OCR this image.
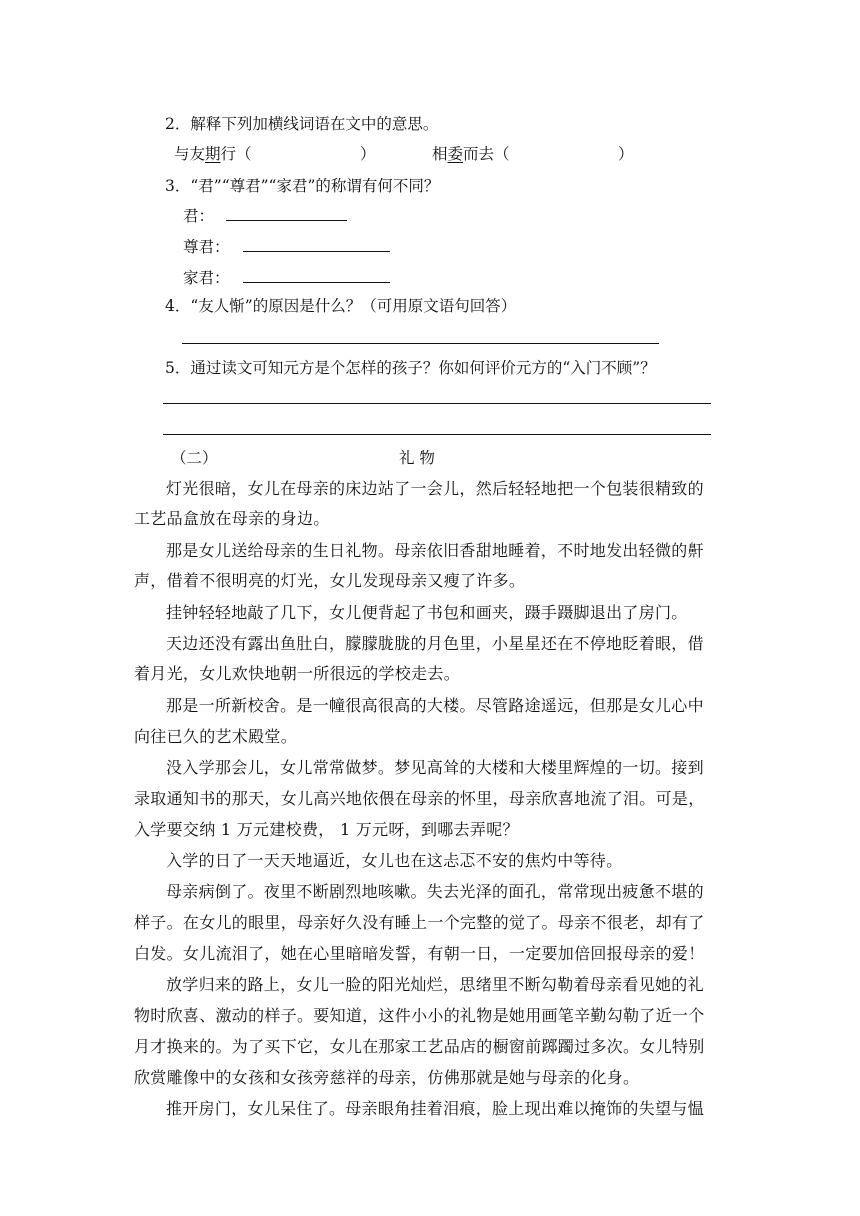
2．解释下列加横线词语在文中的意思。
与友期行（　　　　　　　）	相委而去（　　　　　　　）
3．“君”“尊君”“家君”的称谓有何不同？
君：
尊君：
家君：
4．“友人惭”的原因是什么？（可用原文语句回答）
5．通过读文可知元方是个怎样的孩子？你如何评价元方的“入门不顾”？
（二）	礼 物
灯光很暗，女儿在母亲的床边站了一会儿，然后轻轻地把一个包装很精致的
工艺品盒放在母亲的身边。
那是女儿送给母亲的生日礼物。母亲依旧香甜地睡着，不时地发出轻微的鼾
声，借着不很明亮的灯光，女儿发现母亲又瘦了许多。
挂钟轻轻地敲了几下，女儿便背起了书包和画夹，蹑手蹑脚退出了房门。
天边还没有露出鱼肚白，朦朦胧胧的月色里，小星星还在不停地眨着眼，借
着月光，女儿欢快地朝一所很远的学校走去。
那是一所新校舍。是一幢很高很高的大楼。尽管路途遥远，但那是女儿心中
向往已久的艺术殿堂。
没入学那会儿，女儿常常做梦。梦见高耸的大楼和大楼里辉煌的一切。接到
录取通知书的那天，女儿高兴地依偎在母亲的怀里，母亲欣喜地流了泪。可是，
入学要交纳 1 万元建校费， 1 万元呀，到哪去弄呢？
入学的日了一天天地逼近，女儿也在这忐忑不安的焦灼中等待。
母亲病倒了。夜里不断剧烈地咳嗽。失去光泽的面孔，常常现出疲惫不堪的
样子。在女儿的眼里，母亲好久没有睡上一个完整的觉了。母亲不很老，却有了
白发。女儿流泪了，她在心里暗暗发誓，有朝一日，一定要加倍回报母亲的爱！
放学归来的路上，女儿一脸的阳光灿烂，思绪里不断勾勒着母亲看见她的礼
物时欣喜、激动的样子。要知道，这件小小的礼物是她用画笔辛勤勾勒了近一个
月才换来的。为了买下它，女儿在那家工艺品店的橱窗前踯躅过多次。女儿特别
欣赏雕像中的女孩和女孩旁慈祥的母亲，仿佛那就是她与母亲的化身。
推开房门，女儿呆住了。母亲眼角挂着泪痕，脸上现出难以掩饰的失望与愠
